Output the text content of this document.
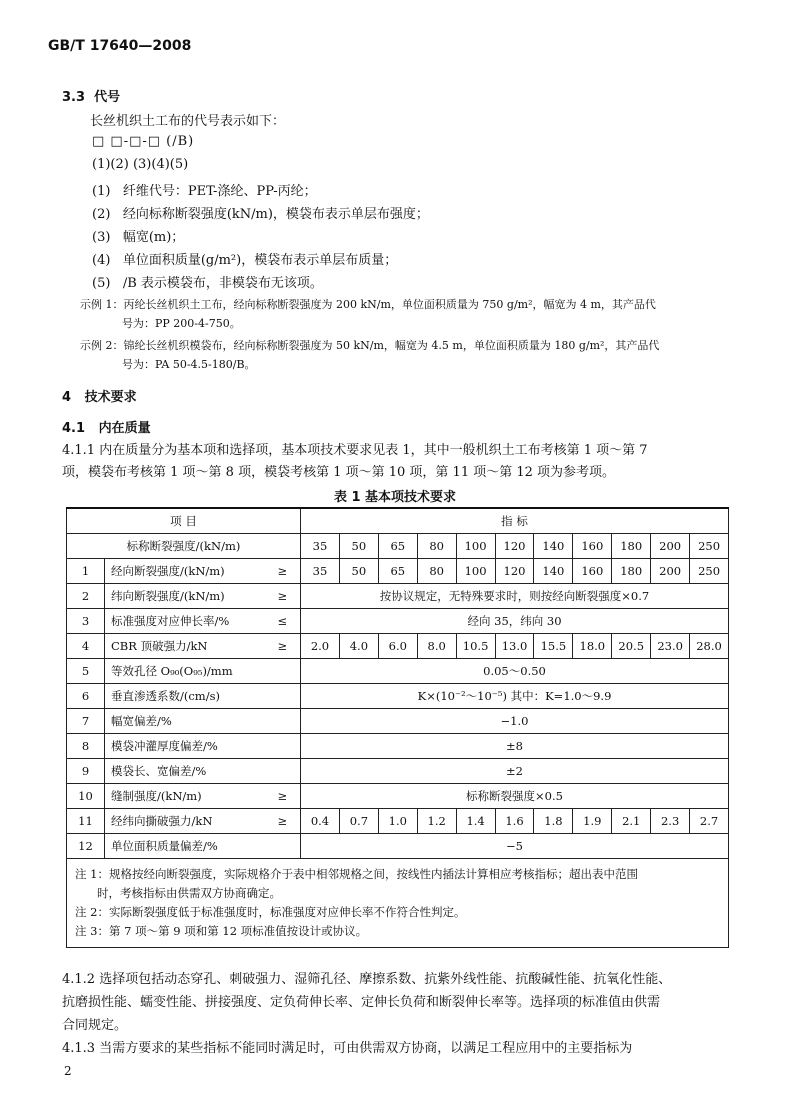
GB/T 17640—2008
3.3 代号
长丝机织土工布的代号表示如下：
□ □-□-□ (/B)
(1)(2) (3)(4)(5)
(1) 纤维代号：PET-涤纶、PP-丙纶；
(2) 经向标称断裂强度(kN/m)，模袋布表示单层布强度；
(3) 幅宽(m)；
(4) 单位面积质量(g/m²)，模袋布表示单层布质量；
(5) /B 表示模袋布，非模袋布无该项。
示例 1：丙纶长丝机织土工布，经向标称断裂强度为 200 kN/m，单位面积质量为 750 g/m²，幅宽为 4 m，其产品代
号为：PP 200-4-750。
示例 2：锦纶长丝机织模袋布，经向标称断裂强度为 50 kN/m，幅宽为 4.5 m，单位面积质量为 180 g/m²，其产品代
号为：PA 50-4.5-180/B。
4 技术要求
4.1 内在质量
4.1.1 内在质量分为基本项和选择项，基本项技术要求见表 1，其中一般机织土工布考核第 1 项～第 7
项，模袋布考核第 1 项～第 8 项，模袋考核第 1 项～第 10 项，第 11 项～第 12 项为参考项。
表 1 基本项技术要求
项 目			指 标										
标称断裂强度/(kN/m)			35	50	65	80	100	120	140	160	180	200	250
1	经向断裂强度/(kN/m)	≥	35	50	65	80	100	120	140	160	180	200	250
2	纬向断裂强度/(kN/m)	≥	按协议规定，无特殊要求时，则按经向断裂强度×0.7										
3	标准强度对应伸长率/%	≤	经向 35，纬向 30										
4	CBR 顶破强力/kN	≥	2.0	4.0	6.0	8.0	10.5	13.0	15.5	18.0	20.5	23.0	28.0
5	等效孔径 O₉₀(O₉₅)/mm		0.05～0.50										
6	垂直渗透系数/(cm/s)		K×(10⁻²～10⁻⁵) 其中：K=1.0～9.9										
7	幅宽偏差/%		−1.0										
8	模袋冲灌厚度偏差/%		±8										
9	模袋长、宽偏差/%		±2										
10	缝制强度/(kN/m)	≥	标称断裂强度×0.5										
11	经纬向撕破强力/kN	≥	0.4	0.7	1.0	1.2	1.4	1.6	1.8	1.9	2.1	2.3	2.7
12	单位面积质量偏差/%		−5										

注 1：规格按经向断裂强度，实际规格介于表中相邻规格之间，按线性内插法计算相应考核指标；超出表中范围
时，考核指标由供需双方协商确定。
注 2：实际断裂强度低于标准强度时，标准强度对应伸长率不作符合性判定。
注 3：第 7 项～第 9 项和第 12 项标准值按设计或协议。													
4.1.2 选择项包括动态穿孔、刺破强力、湿筛孔径、摩擦系数、抗紫外线性能、抗酸碱性能、抗氧化性能、
抗磨损性能、蠕变性能、拼接强度、定负荷伸长率、定伸长负荷和断裂伸长率等。选择项的标准值由供需
合同规定。
4.1.3 当需方要求的某些指标不能同时满足时，可由供需双方协商，以满足工程应用中的主要指标为
2
